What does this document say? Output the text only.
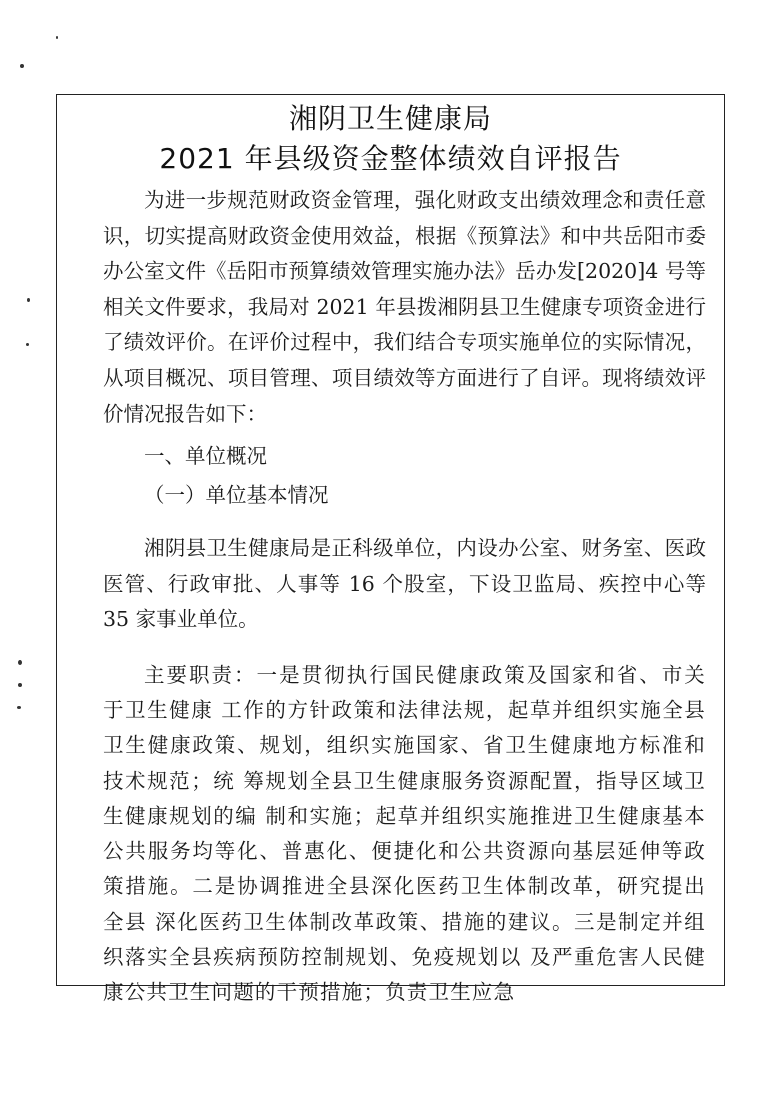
湘阴卫生健康局
2021 年县级资金整体绩效自评报告

为进一步规范财政资金管理，强化财政支出绩效理念和责任意识，切实提高财政资金使用效益，根据《预算法》和中共岳阳市委办公室文件《岳阳市预算绩效管理实施办法》岳办发[2020]4 号等相关文件要求，我局对 2021 年县拨湘阴县卫生健康专项资金进行了绩效评价。在评价过程中，我们结合专项实施单位的实际情况，从项目概况、项目管理、项目绩效等方面进行了自评。现将绩效评价情况报告如下：

一、单位概况

（一）单位基本情况

湘阴县卫生健康局是正科级单位，内设办公室、财务室、医政医管、行政审批、人事等 16 个股室，下设卫监局、疾控中心等 35 家事业单位。

主要职责：一是贯彻执行国民健康政策及国家和省、市关于卫生健康 工作的方针政策和法律法规，起草并组织实施全县卫生健康政策、规划，组织实施国家、省卫生健康地方标准和技术规范；统 筹规划全县卫生健康服务资源配置，指导区域卫生健康规划的编 制和实施；起草并组织实施推进卫生健康基本公共服务均等化、普惠化、便捷化和公共资源向基层延伸等政策措施。二是协调推进全县深化医药卫生体制改革，研究提出全县 深化医药卫生体制改革政策、措施的建议。三是制定并组织落实全县疾病预防控制规划、免疫规划以 及严重危害人民健康公共卫生问题的干预措施；负责卫生应急
